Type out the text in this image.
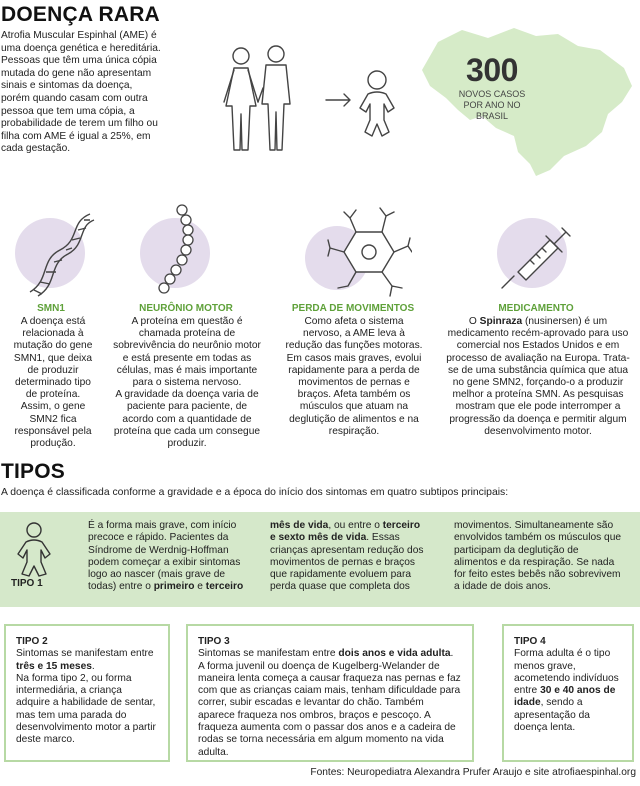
DOENÇA RARA
Atrofia Muscular Espinhal (AME) é uma doença genética e hereditária. Pessoas que têm uma única cópia mutada do gene não apresentam sinais e sintomas da doença, porém quando casam com outra pessoa que tem uma cópia, a probabilidade de terem um filho ou filha com AME é igual a 25%, em cada gestação.
300
NOVOS CASOS POR ANO NO BRASIL
SMN1
A doença está relacionada à mutação do gene SMN1, que deixa de produzir determinado tipo de proteína. Assim, o gene SMN2 fica responsável pela produção.
NEURÔNIO MOTOR
A proteína em questão é chamada proteína de sobrevivência do neurônio motor e está presente em todas as células, mas é mais importante para o sistema nervoso.
A gravidade da doença varia de paciente para paciente, de acordo com a quantidade de proteína que cada um consegue produzir.
PERDA DE MOVIMENTOS
Como afeta o sistema nervoso, a AME leva à redução das funções motoras. Em casos mais graves, evolui rapidamente para a perda de movimentos de pernas e braços. Afeta também os músculos que atuam na deglutição de alimentos e na respiração.
MEDICAMENTO
O Spinraza (nusinersen) é um medicamento recém-aprovado para uso comercial nos Estados Unidos e em processo de avaliação na Europa. Trata-se de uma substância química que atua no gene SMN2, forçando-o a produzir melhor a proteína SMN. As pesquisas mostram que ele pode interromper a progressão da doença e permitir algum desenvolvimento motor.
TIPOS
A doença é classificada conforme a gravidade e a época do início dos sintomas em quatro subtipos principais:
TIPO 1
É a forma mais grave, com início precoce e rápido. Pacientes da Síndrome de Werdnig-Hoffman podem começar a exibir sintomas logo ao nascer (mais grave de todas) entre o primeiro e terceiro
mês de vida, ou entre o terceiro e sexto mês de vida. Essas crianças apresentam redução dos movimentos de pernas e braços que rapidamente evoluem para perda quase que completa dos
movimentos. Simultaneamente são envolvidos também os músculos que participam da deglutição de alimentos e da respiração. Se nada for feito estes bebês não sobrevivem a idade de dois anos.
TIPO 2
Sintomas se manifestam entre três e 15 meses.
Na forma tipo 2, ou forma intermediária, a criança adquire a habilidade de sentar, mas tem uma parada do desenvolvimento motor a partir deste marco.
TIPO 3
Sintomas se manifestam entre dois anos e vida adulta.
A forma juvenil ou doença de Kugelberg-Welander de maneira lenta começa a causar fraqueza nas pernas e faz com que as crianças caiam mais, tenham dificuldade para correr, subir escadas e levantar do chão. Também aparece fraqueza nos ombros, braços e pescoço. A fraqueza aumenta com o passar dos anos e a cadeira de rodas se torna necessária em algum momento na vida adulta.
TIPO 4
Forma adulta é o tipo menos grave, acometendo indivíduos entre 30 e 40 anos de idade, sendo a apresentação da doença lenta.
Fontes: Neuropediatra Alexandra Prufer Araujo e site atrofiaespinhal.org
